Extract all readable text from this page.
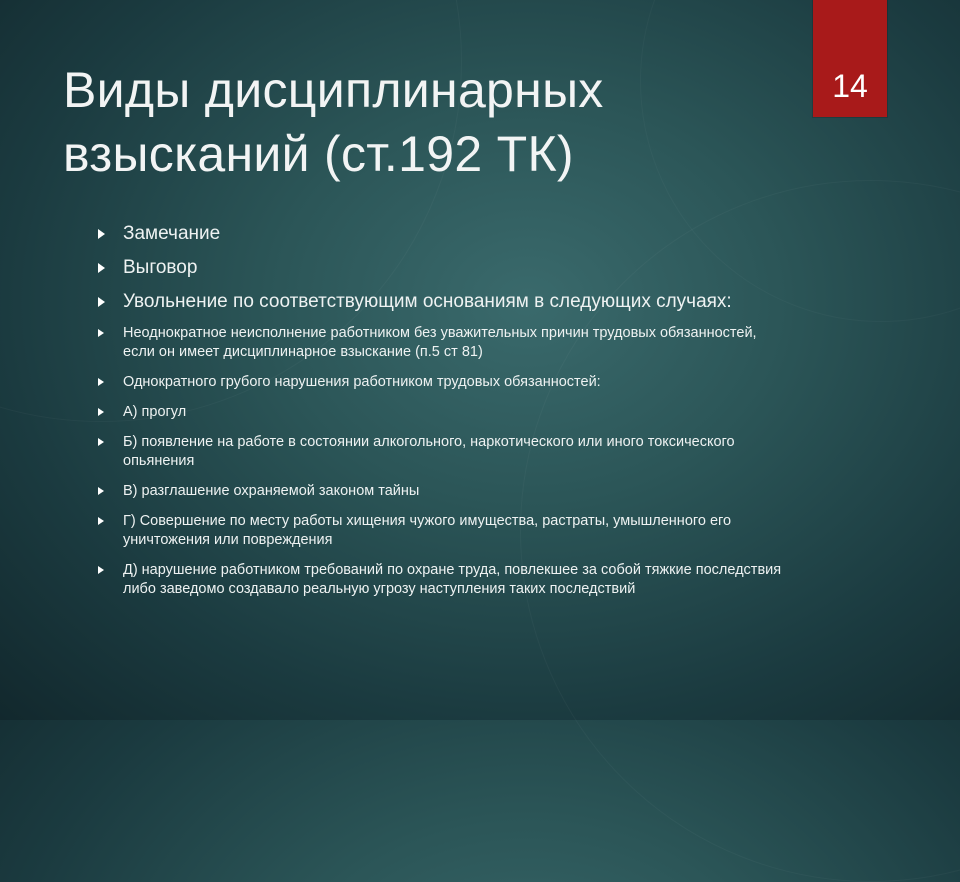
14
Виды дисциплинарных взысканий (ст.192 ТК)
Замечание
Выговор
Увольнение по соответствующим основаниям в следующих случаях:
Неоднократное неисполнение работником без уважительных причин трудовых обязанностей, если он имеет дисциплинарное взыскание (п.5 ст 81)
Однократного грубого нарушения работником трудовых обязанностей:
А) прогул
Б) появление на работе в состоянии алкогольного, наркотического или иного токсического опьянения
В) разглашение охраняемой законом тайны
Г) Совершение по месту работы хищения чужого имущества, растраты, умышленного его уничтожения или повреждения
Д) нарушение работником требований по охране труда, повлекшее за собой тяжкие последствия либо заведомо создавало реальную угрозу наступления таких последствий
